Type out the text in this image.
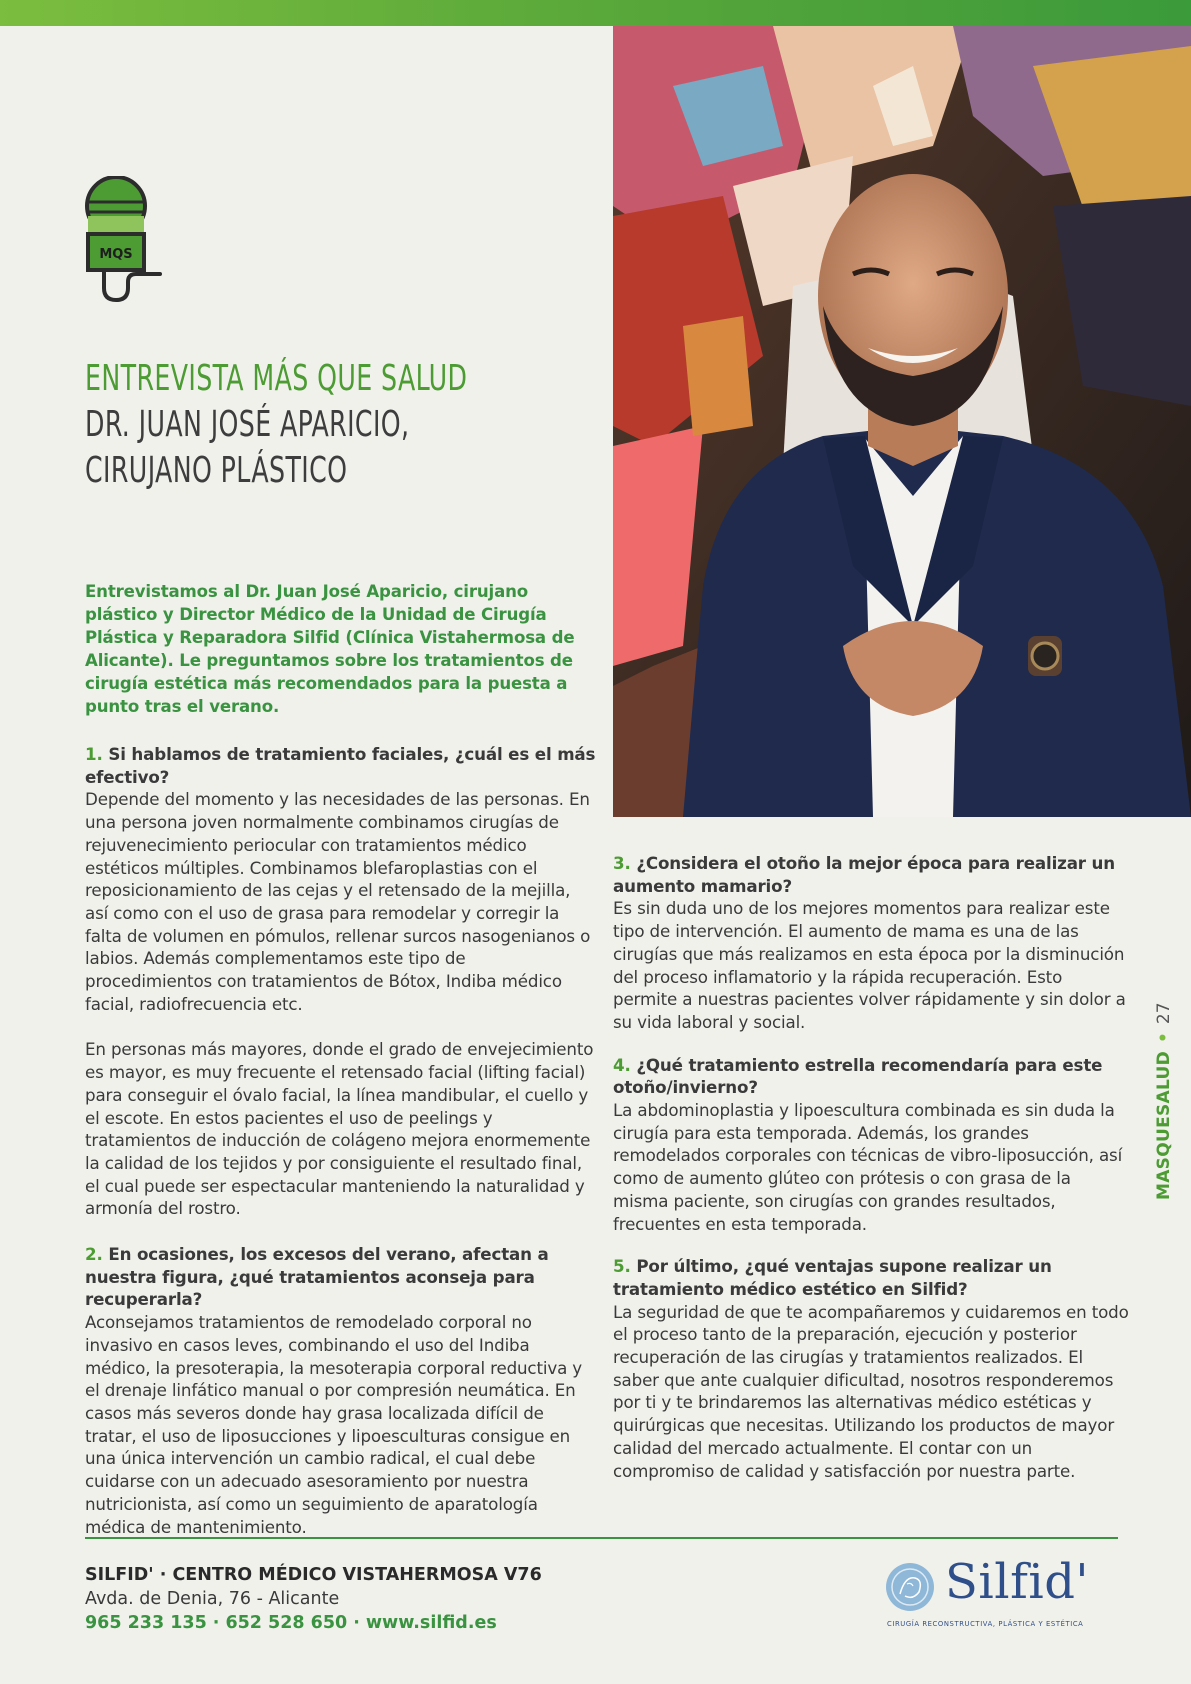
MQS
ENTREVISTA MÁS QUE SALUD
DR. JUAN JOSÉ APARICIO,
CIRUJANO PLÁSTICO

Entrevistamos al Dr. Juan José Aparicio, cirujano plástico y Director Médico de la Unidad de Cirugía Plástica y Reparadora Silfid (Clínica Vistahermosa de Alicante). Le preguntamos sobre los tratamientos de cirugía estética más recomendados para la puesta a punto tras el verano.

1. Si hablamos de tratamiento faciales, ¿cuál es el más efectivo?

Depende del momento y las necesidades de las personas. En una persona joven normalmente combinamos cirugías de rejuvenecimiento periocular con tratamientos médico estéticos múltiples. Combinamos blefaroplastias con el reposicionamiento de las cejas y el retensado de la mejilla, así como con el uso de grasa para remodelar y corregir la falta de volumen en pómulos, rellenar surcos nasogenianos o labios. Además complementamos este tipo de procedimientos con tratamientos de Bótox, Indiba médico facial, radiofrecuencia etc.

En personas más mayores, donde el grado de envejecimiento es mayor, es muy frecuente el retensado facial (lifting facial) para conseguir el óvalo facial, la línea mandibular, el cuello y el escote. En estos pacientes el uso de peelings y tratamientos de inducción de colágeno mejora enormemente la calidad de los tejidos y por consiguiente el resultado final, el cual puede ser espectacular manteniendo la naturalidad y armonía del rostro.

2. En ocasiones, los excesos del verano, afectan a nuestra figura, ¿qué tratamientos aconseja para recuperarla?

Aconsejamos tratamientos de remodelado corporal no invasivo en casos leves, combinando el uso del Indiba médico, la presoterapia, la mesoterapia corporal reductiva y el drenaje linfático manual o por compresión neumática. En casos más severos donde hay grasa localizada difícil de tratar, el uso de liposucciones y lipoesculturas consigue en una única intervención un cambio radical, el cual debe cuidarse con un adecuado asesoramiento por nuestra nutricionista, así como un seguimiento de aparatología médica de mantenimiento.

3. ¿Considera el otoño la mejor época para realizar un aumento mamario?

Es sin duda uno de los mejores momentos para realizar este tipo de intervención. El aumento de mama es una de las cirugías que más realizamos en esta época por la disminución del proceso inflamatorio y la rápida recuperación. Esto permite a nuestras pacientes volver rápidamente y sin dolor a su vida laboral y social.

4. ¿Qué tratamiento estrella recomendaría para este otoño/invierno?

La abdominoplastia y lipoescultura combinada es sin duda la cirugía para esta temporada. Además, los grandes remodelados corporales con técnicas de vibro-liposucción, así como de aumento glúteo con prótesis o con grasa de la misma paciente, son cirugías con grandes resultados, frecuentes en esta temporada.

5. Por último, ¿qué ventajas supone realizar un tratamiento médico estético en Silfid?

La seguridad de que te acompañaremos y cuidaremos en todo el proceso tanto de la preparación, ejecución y posterior recuperación de las cirugías y tratamientos realizados. El saber que ante cualquier dificultad, nosotros responderemos por ti y te brindaremos las alternativas médico estéticas y quirúrgicas que necesitas. Utilizando los productos de mayor calidad del mercado actualmente. El contar con un compromiso de calidad y satisfacción por nuestra parte.

MASQUESALUD•27
SILFID' · CENTRO MÉDICO VISTAHERMOSA V76
Avda. de Denia, 76 - Alicante
965 233 135 · 652 528 650 · www.silfid.es
Silfid'
CIRUGÍA RECONSTRUCTIVA, PLÁSTICA Y ESTÉTICA
